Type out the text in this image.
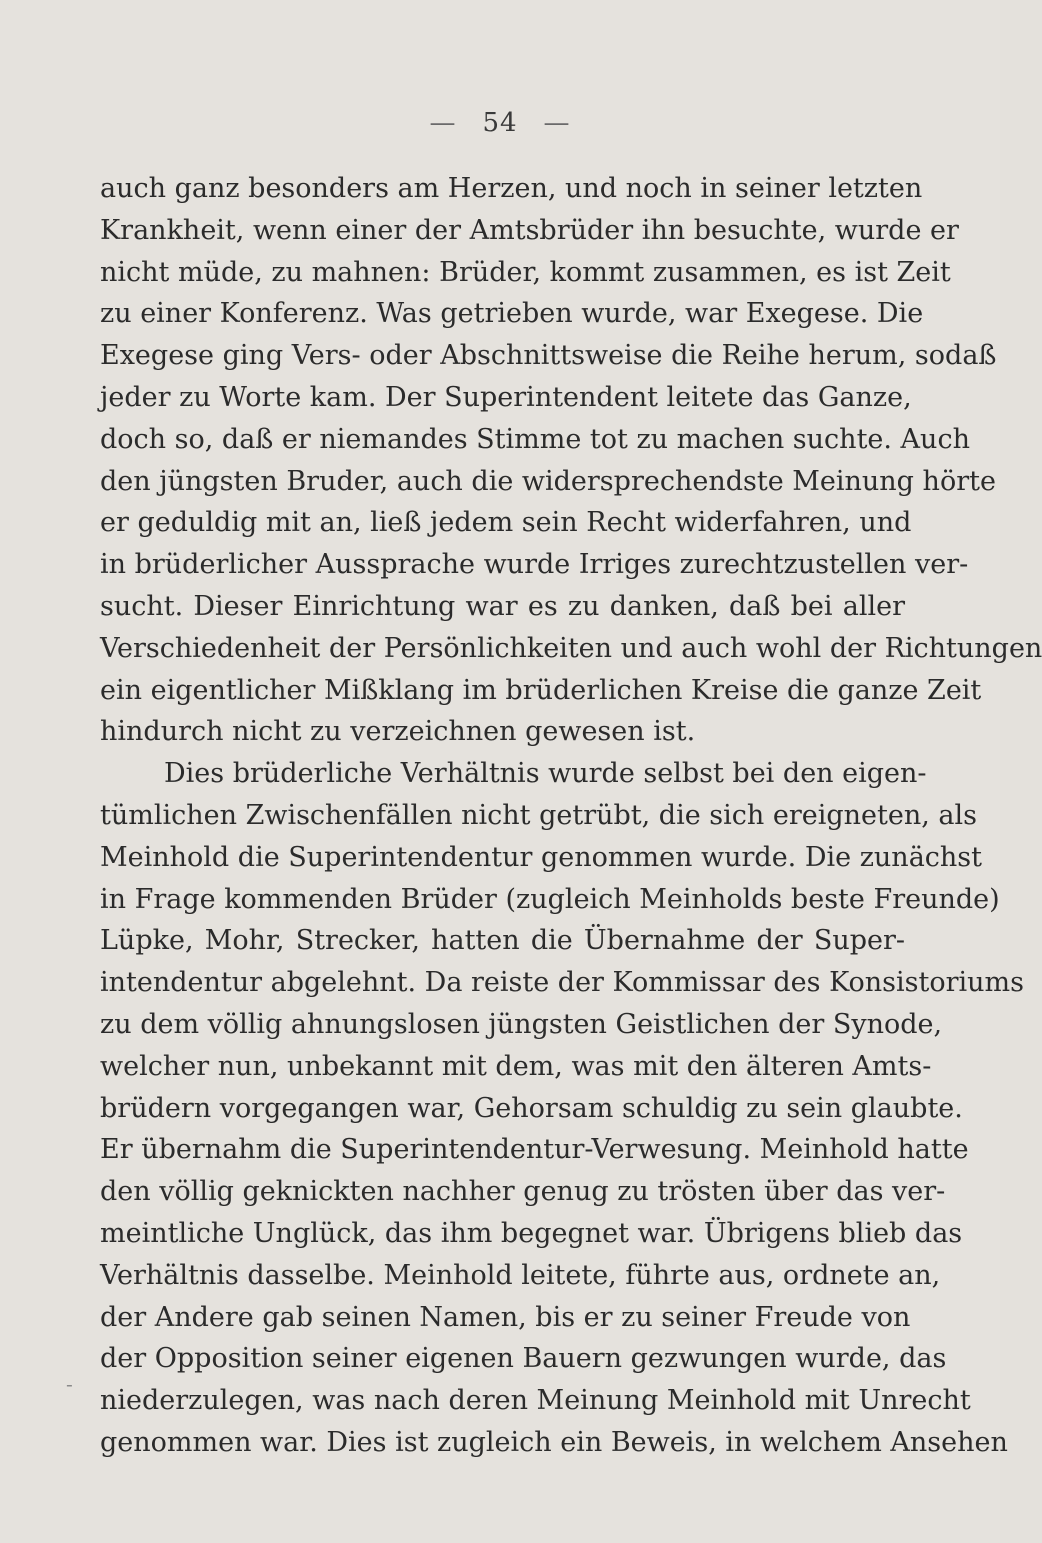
— 54 —
auch ganz besonders am Herzen, und noch in seiner letzten
Krankheit, wenn einer der Amtsbrüder ihn besuchte, wurde er
nicht müde, zu mahnen: Brüder, kommt zusammen, es ist Zeit
zu einer Konferenz. Was getrieben wurde, war Exegese. Die
Exegese ging Vers- oder Abschnittsweise die Reihe herum, sodaß
jeder zu Worte kam. Der Superintendent leitete das Ganze,
doch so, daß er niemandes Stimme tot zu machen suchte. Auch
den jüngsten Bruder, auch die widersprechendste Meinung hörte
er geduldig mit an, ließ jedem sein Recht widerfahren, und
in brüderlicher Aussprache wurde Irriges zurechtzustellen ver-
sucht. Dieser Einrichtung war es zu danken, daß bei aller
Verschiedenheit der Persönlichkeiten und auch wohl der Richtungen
ein eigentlicher Mißklang im brüderlichen Kreise die ganze Zeit
hindurch nicht zu verzeichnen gewesen ist.
Dies brüderliche Verhältnis wurde selbst bei den eigen-
tümlichen Zwischenfällen nicht getrübt, die sich ereigneten, als
Meinhold die Superintendentur genommen wurde. Die zunächst
in Frage kommenden Brüder (zugleich Meinholds beste Freunde)
Lüpke, Mohr, Strecker, hatten die Übernahme der Super-
intendentur abgelehnt. Da reiste der Kommissar des Konsistoriums
zu dem völlig ahnungslosen jüngsten Geistlichen der Synode,
welcher nun, unbekannt mit dem, was mit den älteren Amts-
brüdern vorgegangen war, Gehorsam schuldig zu sein glaubte.
Er übernahm die Superintendentur-Verwesung. Meinhold hatte
den völlig geknickten nachher genug zu trösten über das ver-
meintliche Unglück, das ihm begegnet war. Übrigens blieb das
Verhältnis dasselbe. Meinhold leitete, führte aus, ordnete an,
der Andere gab seinen Namen, bis er zu seiner Freude von
der Opposition seiner eigenen Bauern gezwungen wurde, das
niederzulegen, was nach deren Meinung Meinhold mit Unrecht
genommen war. Dies ist zugleich ein Beweis, in welchem Ansehen
-
